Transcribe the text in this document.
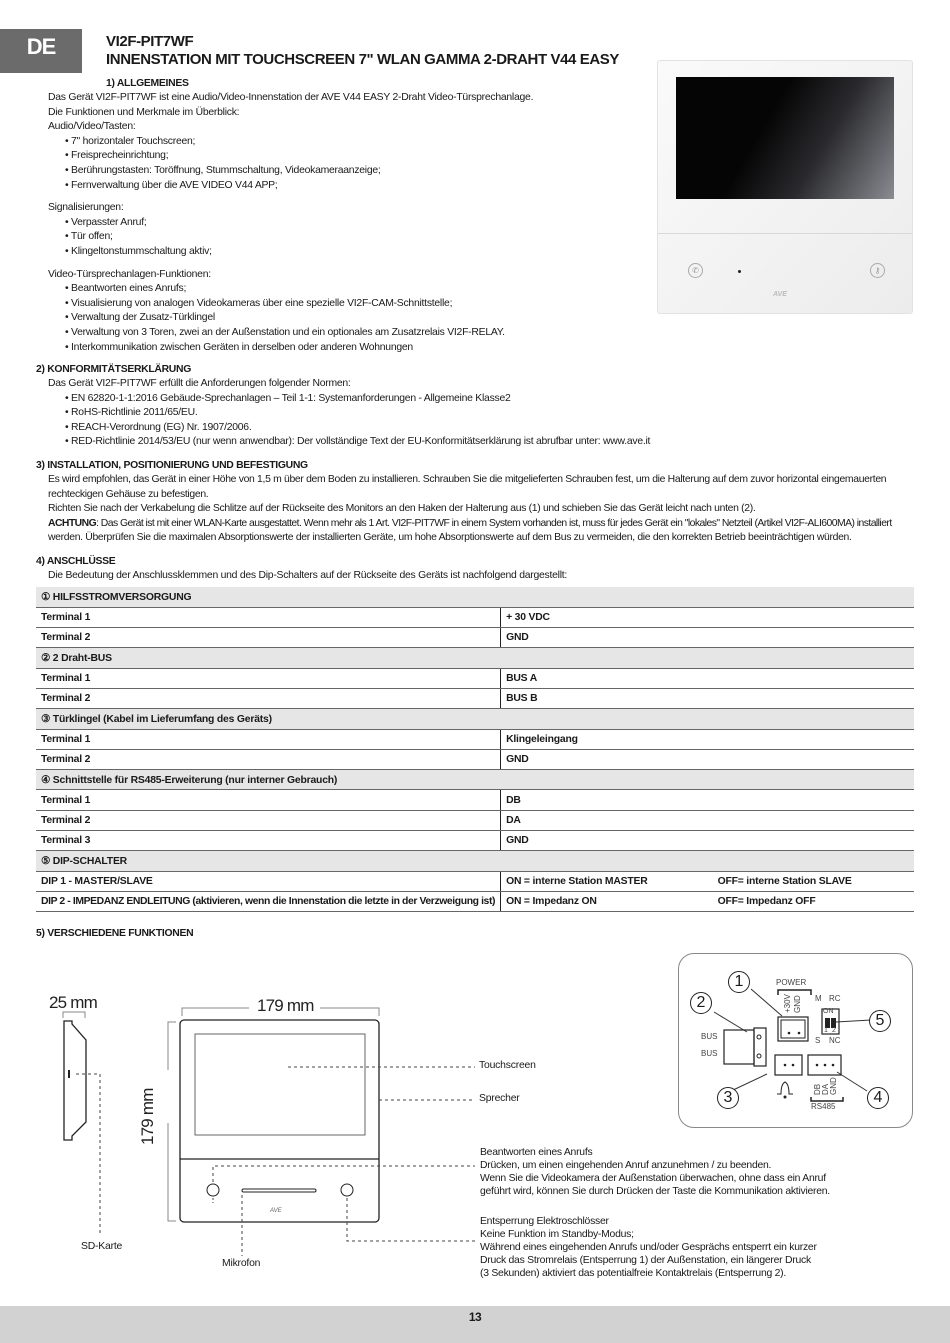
DE	VI2F-PIT7WF
INNENSTATION MIT TOUCHSCREEN 7" WLAN GAMMA 2-DRAHT V44 EASY
1) ALLGEMEINES
Das Gerät VI2F-PIT7WF ist eine Audio/Video-Innenstation der AVE V44 EASY 2-Draht Video-Türsprechanlage.
Die Funktionen und Merkmale im Überblick:
Audio/Video/Tasten:
• 7" horizontaler Touchscreen;
• Freisprecheinrichtung;
• Berührungstasten: Toröffnung, Stummschaltung, Videokameraanzeige;
• Fernverwaltung über die AVE VIDEO V44 APP;
Signalisierungen:
• Verpasster Anruf;
• Tür offen;
• Klingeltonstummschaltung aktiv;
Video-Türsprechanlagen-Funktionen:
• Beantworten eines Anrufs;
• Visualisierung von analogen Videokameras über eine spezielle VI2F-CAM-Schnittstelle;
• Verwaltung der Zusatz-Türklingel
• Verwaltung von 3 Toren, zwei an der Außenstation und ein optionales am Zusatzrelais VI2F-RELAY.
• Interkommunikation zwischen Geräten in derselben oder anderen Wohnungen
✆	⚷
AVE
2) KONFORMITÄTSERKLÄRUNG
Das Gerät VI2F-PIT7WF erfüllt die Anforderungen folgender Normen:
• EN 62820-1-1:2016 Gebäude-Sprechanlagen – Teil 1-1: Systemanforderungen - Allgemeine Klasse2
• RoHS-Richtlinie 2011/65/EU.
• REACH-Verordnung (EG) Nr. 1907/2006.
• RED-Richtlinie 2014/53/EU (nur wenn anwendbar): Der vollständige Text der EU-Konformitätserklärung ist abrufbar unter: www.ave.it
3) INSTALLATION, POSITIONIERUNG UND BEFESTIGUNG
Es wird empfohlen, das Gerät in einer Höhe von 1,5 m über dem Boden zu installieren. Schrauben Sie die mitgelieferten Schrauben fest, um die Halterung auf dem zuvor horizontal eingemauerten
rechteckigen Gehäuse zu befestigen.
Richten Sie nach der Verkabelung die Schlitze auf der Rückseite des Monitors an den Haken der Halterung aus (1) und schieben Sie das Gerät leicht nach unten (2).
ACHTUNG: Das Gerät ist mit einer WLAN-Karte ausgestattet. Wenn mehr als 1 Art. VI2F-PIT7WF in einem System vorhanden ist, muss für jedes Gerät ein "lokales" Netzteil (Artikel VI2F-ALI600MA) installiert
werden. Überprüfen Sie die maximalen Absorptionswerte der installierten Geräte, um hohe Absorptionswerte auf dem Bus zu vermeiden, die den korrekten Betrieb beeinträchtigen würden.
4) ANSCHLÜSSE
Die Bedeutung der Anschlussklemmen und des Dip-Schalters auf der Rückseite des Geräts ist nachfolgend dargestellt:
① HILFSSTROMVERSORGUNG		
Terminal 1	+ 30 VDC	
Terminal 2	GND	
② 2 Draht-BUS		
Terminal 1	BUS A	
Terminal 2	BUS B	
③ Türklingel (Kabel im Lieferumfang des Geräts)		
Terminal 1	Klingeleingang	
Terminal 2	GND	
④ Schnittstelle für RS485-Erweiterung (nur interner Gebrauch)		
Terminal 1	DB	
Terminal 2	DA	
Terminal 3	GND	
⑤ DIP-SCHALTER		
DIP 1 - MASTER/SLAVE	ON = interne Station MASTER	OFF= interne Station SLAVE
DIP 2 - IMPEDANZ ENDLEITUNG (aktivieren, wenn die Innenstation die letzte in der Verzweigung ist)	ON = Impedanz ON	OFF= Impedanz OFF
5) VERSCHIEDENE FUNKTIONEN
25 mm
SD-Karte
179 mm
179 mm
AVE
Touchscreen
Sprecher
Mikrofon
Beantworten eines Anrufs
Drücken, um einen eingehenden Anruf anzunehmen / zu beenden.
Wenn Sie die Videokamera der Außenstation überwachen, ohne dass ein Anruf
geführt wird, können Sie durch Drücken der Taste die Kommunikation aktivieren.
Entsperrung Elektroschlösser
Keine Funktion im Standby-Modus;
Während eines eingehenden Anrufs und/oder Gesprächs entsperrt ein kurzer
Druck das Stromrelais (Entsperrung 1) der Außenstation, ein längerer Druck
(3 Sekunden) aktiviert das potentialfreie Kontaktrelais (Entsperrung 2).
1
2
3	4
5
POWER
+30V GND
BUS
BUS
M RC
ON
1 2
S NC
DB DA GND
RS485
13
